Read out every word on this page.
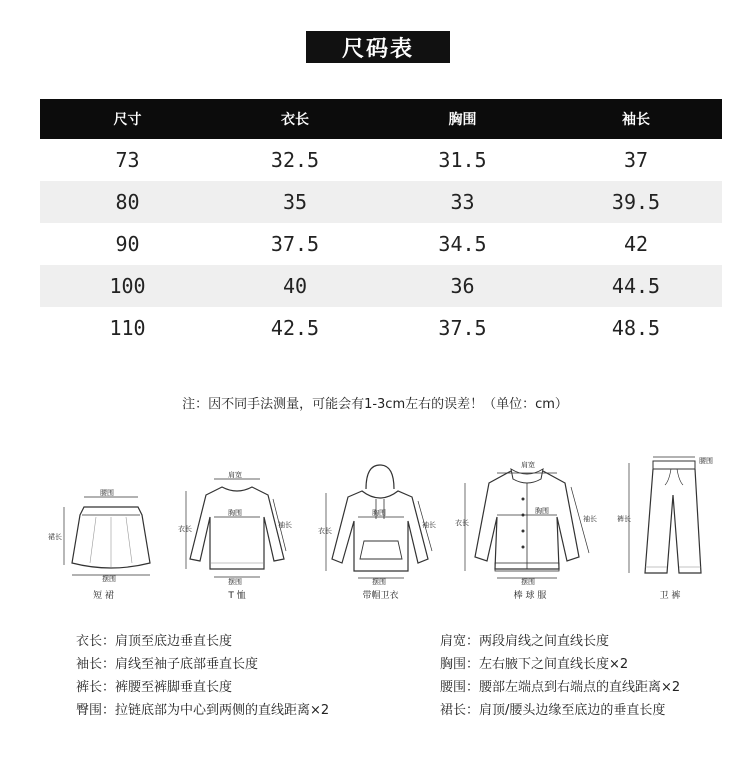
尺码表
尺寸	衣长	胸围	袖长
73	32.5	31.5	37
80	35	33	39.5
90	37.5	34.5	42
100	40	36	44.5
110	42.5	37.5	48.5
注：因不同手法测量，可能会有1-3cm左右的误差！（单位：cm）
腰围
裙长
摆围
短 裙
肩宽
胸围
衣长	袖长
摆围
T 恤
胸围
衣长
袖长
摆围
带帽卫衣
肩宽
胸围
衣长	袖长
摆围
棒 球 服
腰围
裤长
卫 裤
衣长：肩顶至底边垂直长度
袖长：肩线至袖子底部垂直长度
裤长：裤腰至裤脚垂直长度
臀围：拉链底部为中心到两侧的直线距离×2
肩宽：两段肩线之间直线长度
胸围：左右腋下之间直线长度×2
腰围：腰部左端点到右端点的直线距离×2
裙长：肩顶/腰头边缘至底边的垂直长度
